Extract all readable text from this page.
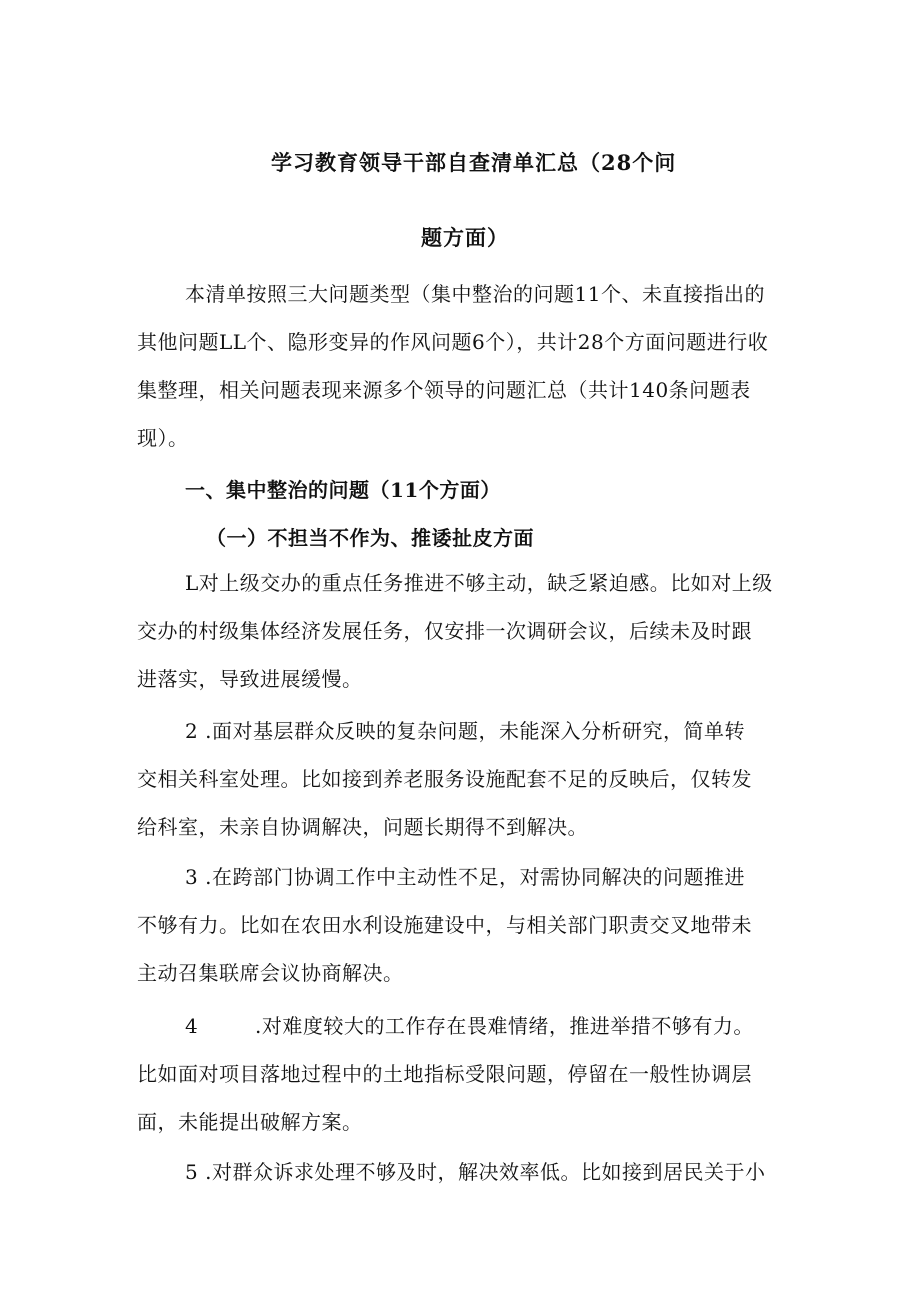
学习教育领导干部自查清单汇总（28个问
题方面）
本清单按照三大问题类型（集中整治的问题11个、未直接指出的
其他问题LL个、隐形变异的作风问题6个），共计28个方面问题进行收
集整理，相关问题表现来源多个领导的问题汇总（共计140条问题表
现）。
一、集中整治的问题（11个方面）
（一）不担当不作为、推诿扯皮方面
L对上级交办的重点任务推进不够主动，缺乏紧迫感。比如对上级
交办的村级集体经济发展任务，仅安排一次调研会议，后续未及时跟
进落实，导致进展缓慢。
2 .面对基层群众反映的复杂问题，未能深入分析研究，简单转
交相关科室处理。比如接到养老服务设施配套不足的反映后，仅转发
给科室，未亲自协调解决，问题长期得不到解决。
3 .在跨部门协调工作中主动性不足，对需协同解决的问题推进
不够有力。比如在农田水利设施建设中，与相关部门职责交叉地带未
主动召集联席会议协商解决。
4	.对难度较大的工作存在畏难情绪，推进举措不够有力。
比如面对项目落地过程中的土地指标受限问题，停留在一般性协调层
面，未能提出破解方案。
5 .对群众诉求处理不够及时，解决效率低。比如接到居民关于小
